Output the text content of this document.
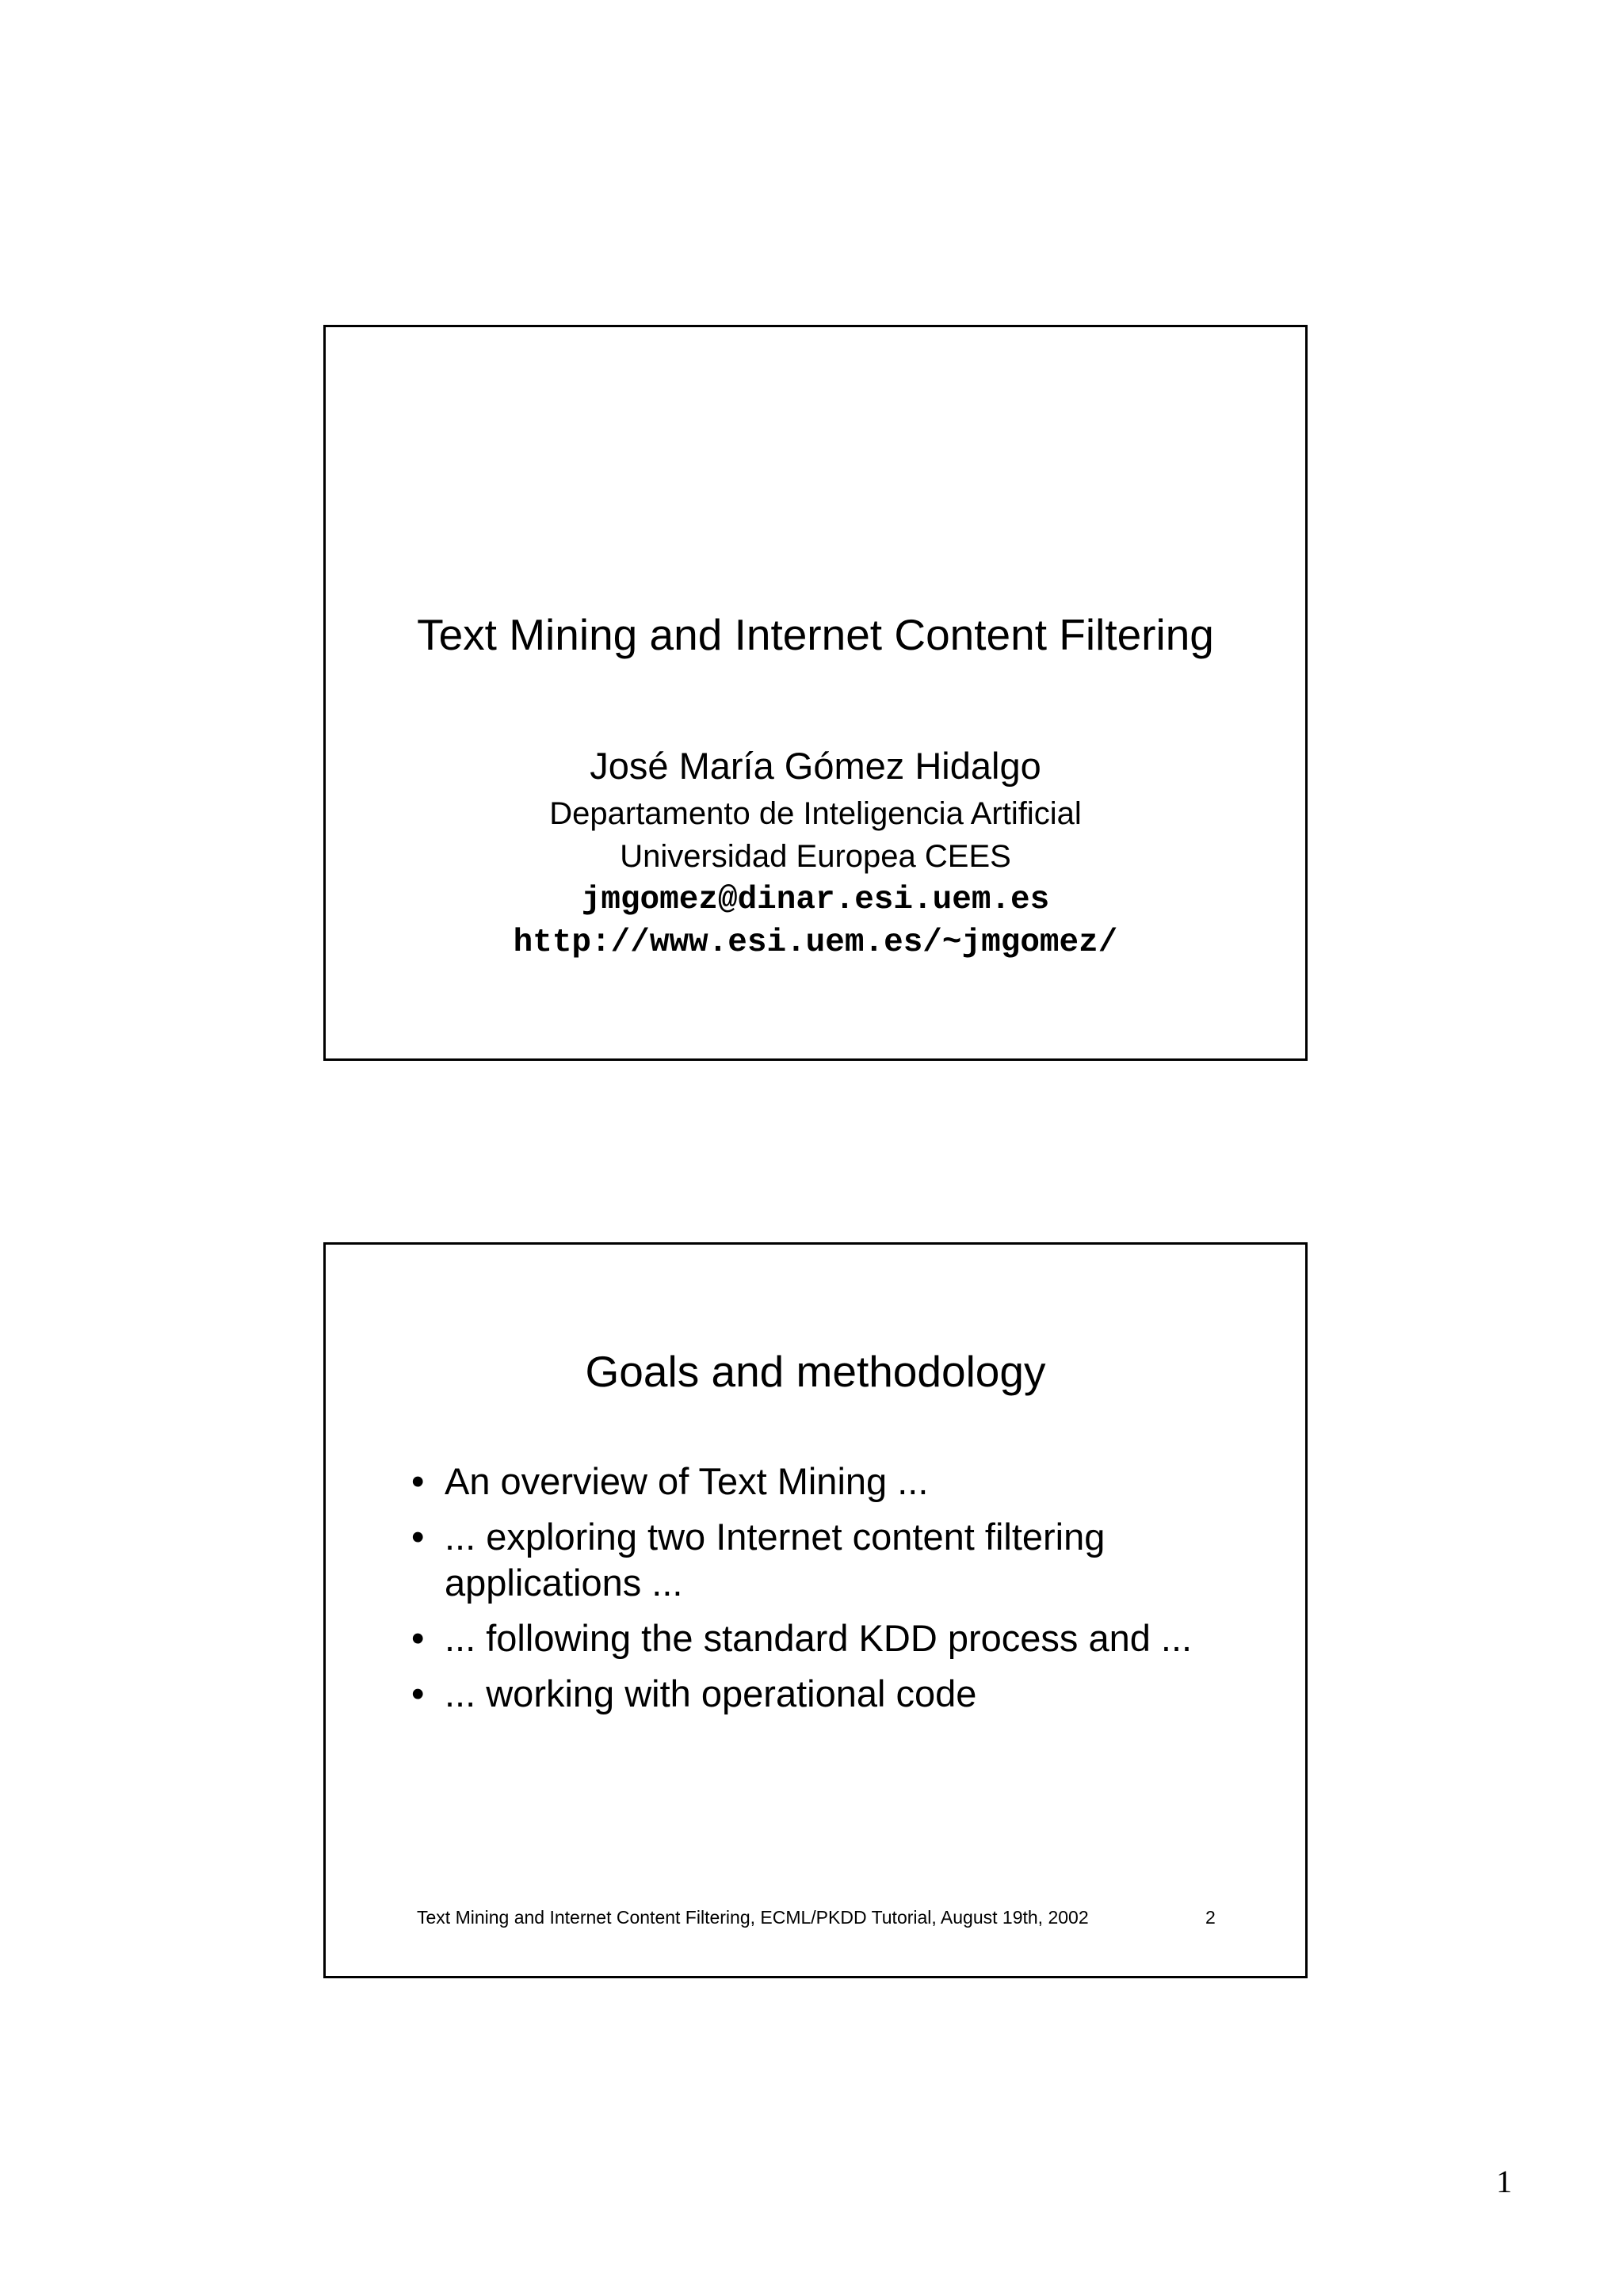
Text Mining and Internet Content Filtering
José María Gómez Hidalgo
Departamento de Inteligencia Artificial
Universidad Europea CEES
jmgomez@dinar.esi.uem.es
http://www.esi.uem.es/~jmgomez/
Goals and methodology
• An overview of Text Mining ...
• ... exploring two Internet content filtering applications ...
• ... following the standard KDD process and ...
• ... working with operational code
Text Mining and Internet Content Filtering, ECML/PKDD Tutorial, August 19th, 2002	2
1
